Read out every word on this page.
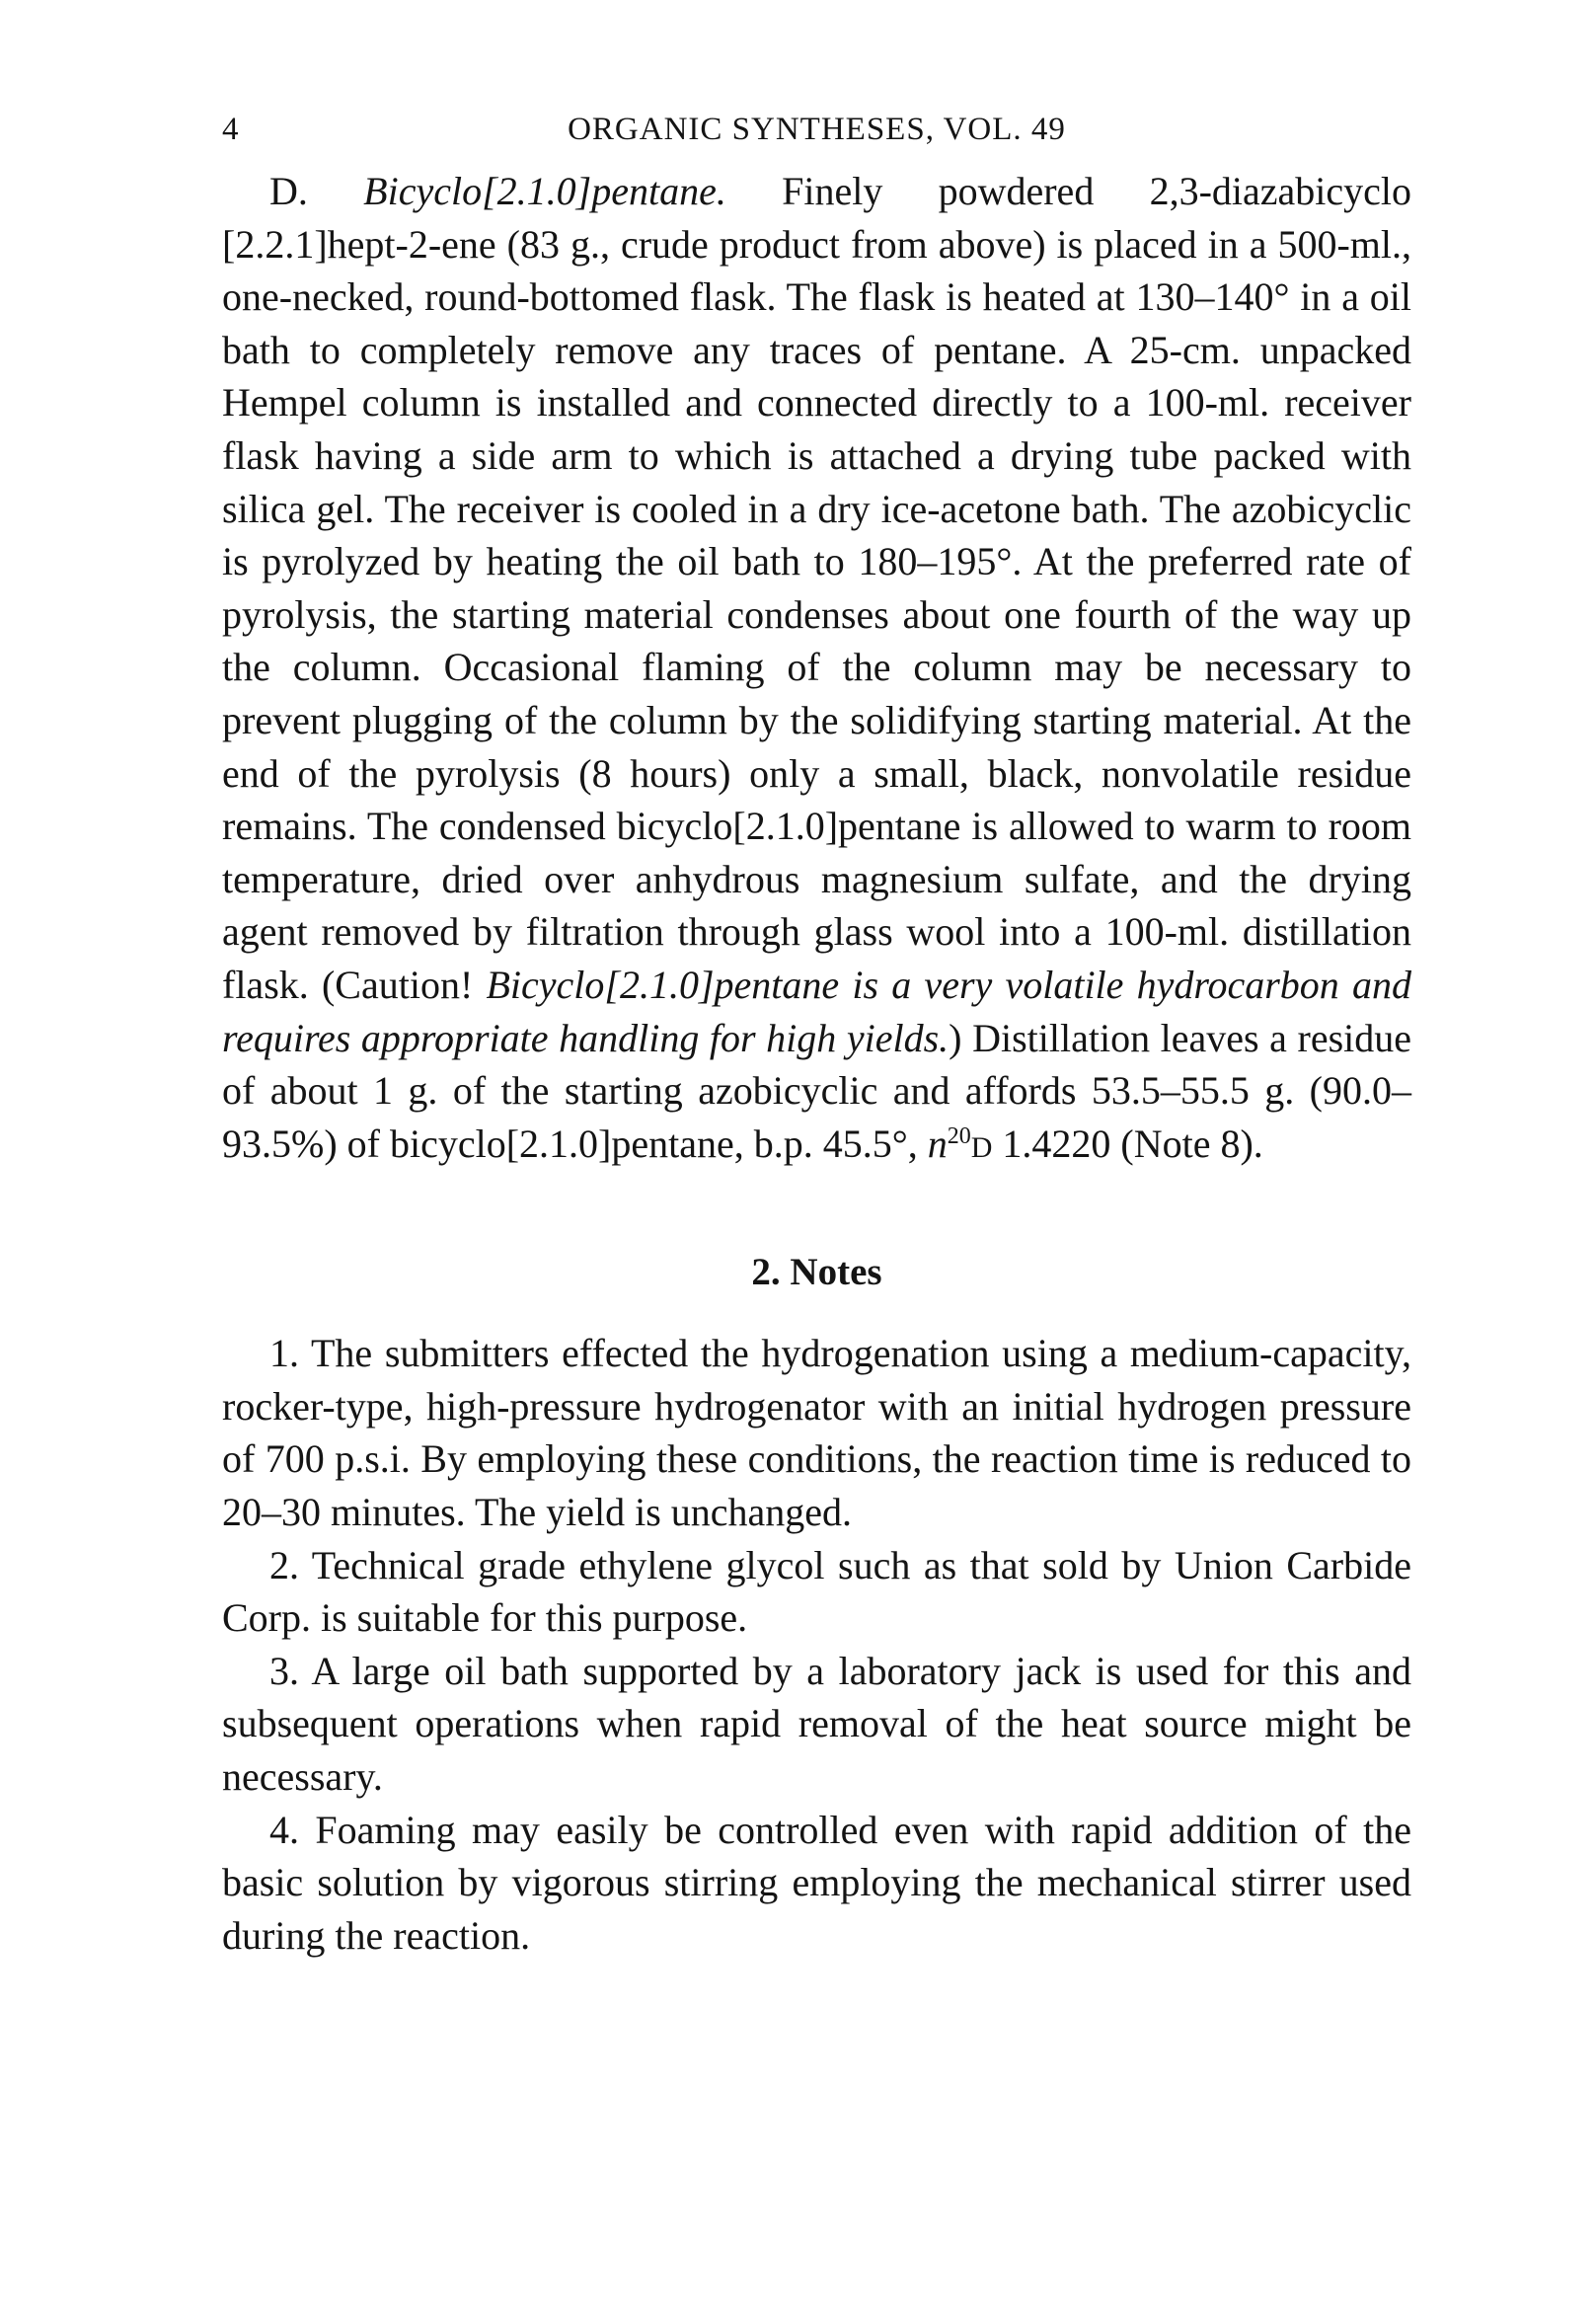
4	ORGANIC SYNTHESES, VOL. 49

D. Bicyclo[2.1.0]pentane. Finely powdered 2,3-diazabicyclo [2.2.1]hept-2-ene (83 g., crude product from above) is placed in a 500-ml., one-necked, round-bottomed flask. The flask is heated at 130–140° in a oil bath to completely remove any traces of pentane. A 25-cm. unpacked Hempel column is installed and connected directly to a 100-ml. receiver flask having a side arm to which is attached a drying tube packed with silica gel. The receiver is cooled in a dry ice-acetone bath. The azobicyclic is pyrolyzed by heating the oil bath to 180–195°. At the preferred rate of pyrolysis, the starting material condenses about one fourth of the way up the column. Occasional flaming of the column may be necessary to prevent plugging of the column by the solidifying starting material. At the end of the pyrolysis (8 hours) only a small, black, nonvolatile residue remains. The condensed bicyclo[2.1.0]pentane is allowed to warm to room temperature, dried over anhydrous magnesium sulfate, and the drying agent removed by filtration through glass wool into a 100-ml. distillation flask. (Caution! Bicyclo[2.1.0]pentane is a very volatile hydrocarbon and requires appropriate handling for high yields.) Distillation leaves a residue of about 1 g. of the starting azobicyclic and affords 53.5–55.5 g. (90.0–93.5%) of bicyclo[2.1.0]pentane, b.p. 45.5°, $n^{20}D$ 1.4220 (Note 8).

2. Notes

1. The submitters effected the hydrogenation using a medium-capacity, rocker-type, high-pressure hydrogenator with an initial hydrogen pressure of 700 p.s.i. By employing these conditions, the reaction time is reduced to 20–30 minutes. The yield is unchanged.

2. Technical grade ethylene glycol such as that sold by Union Carbide Corp. is suitable for this purpose.

3. A large oil bath supported by a laboratory jack is used for this and subsequent operations when rapid removal of the heat source might be necessary.

4. Foaming may easily be controlled even with rapid addition of the basic solution by vigorous stirring employing the mechanical stirrer used during the reaction.
